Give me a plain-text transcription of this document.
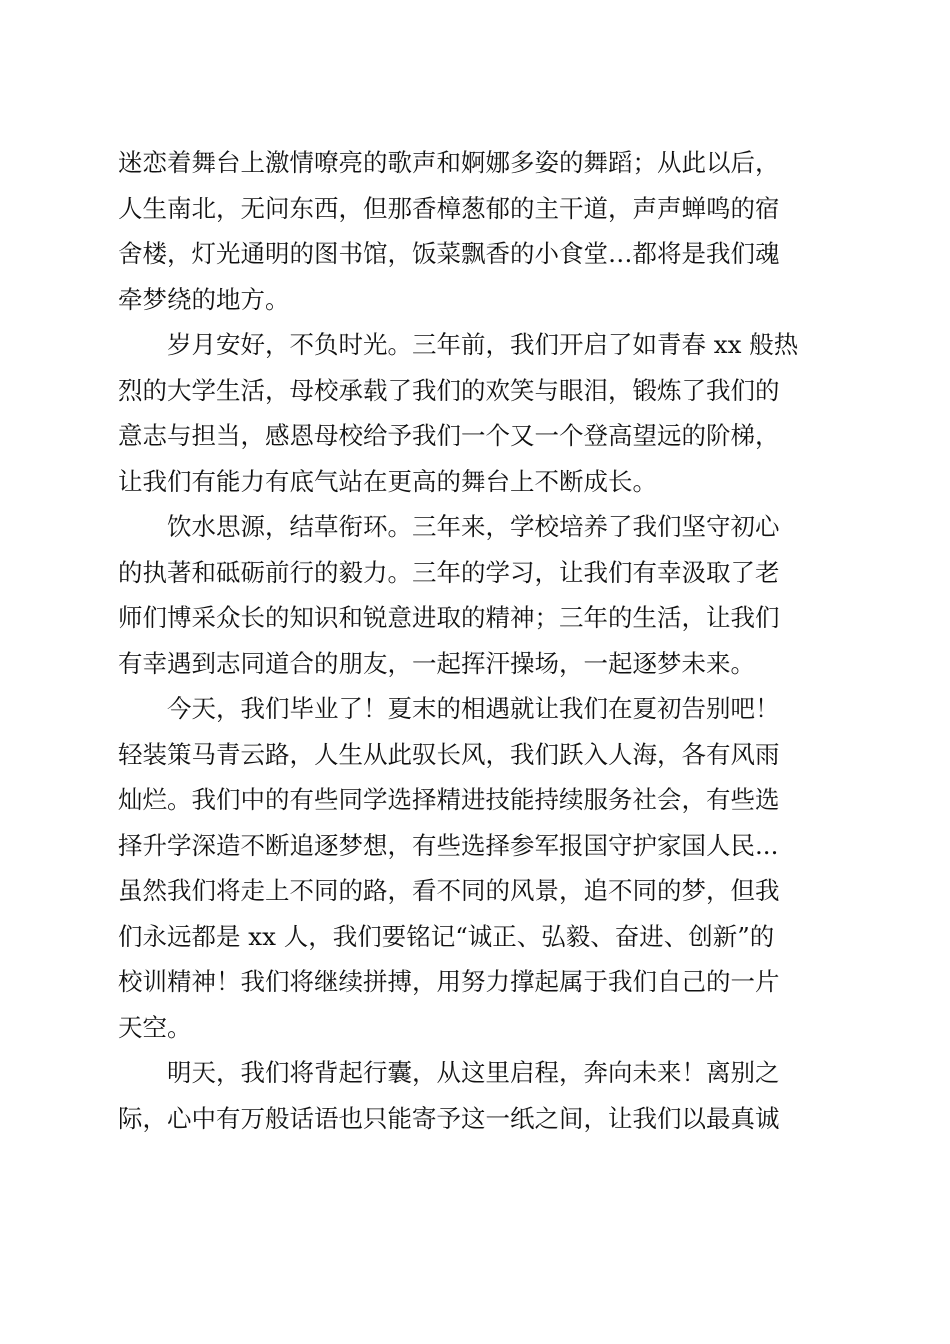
迷恋着舞台上激情嘹亮的歌声和婀娜多姿的舞蹈；从此以后，
人生南北，无问东西，但那香樟葱郁的主干道，声声蝉鸣的宿
舍楼，灯光通明的图书馆，饭菜飘香的小食堂…都将是我们魂
牵梦绕的地方。
岁月安好，不负时光。三年前，我们开启了如青春 xx 般热
烈的大学生活，母校承载了我们的欢笑与眼泪，锻炼了我们的
意志与担当，感恩母校给予我们一个又一个登高望远的阶梯，
让我们有能力有底气站在更高的舞台上不断成长。
饮水思源，结草衔环。三年来，学校培养了我们坚守初心
的执著和砥砺前行的毅力。三年的学习，让我们有幸汲取了老
师们博采众长的知识和锐意进取的精神；三年的生活，让我们
有幸遇到志同道合的朋友，一起挥汗操场，一起逐梦未来。
今天，我们毕业了！夏末的相遇就让我们在夏初告别吧！
轻装策马青云路，人生从此驭长风，我们跃入人海，各有风雨
灿烂。我们中的有些同学选择精进技能持续服务社会，有些选
择升学深造不断追逐梦想，有些选择参军报国守护家国人民...
虽然我们将走上不同的路，看不同的风景，追不同的梦，但我
们永远都是 xx 人，我们要铭记“诚正、弘毅、奋进、创新”的
校训精神！我们将继续拼搏，用努力撑起属于我们自己的一片
天空。
明天，我们将背起行囊，从这里启程，奔向未来！离别之
际，心中有万般话语也只能寄予这一纸之间，让我们以最真诚
